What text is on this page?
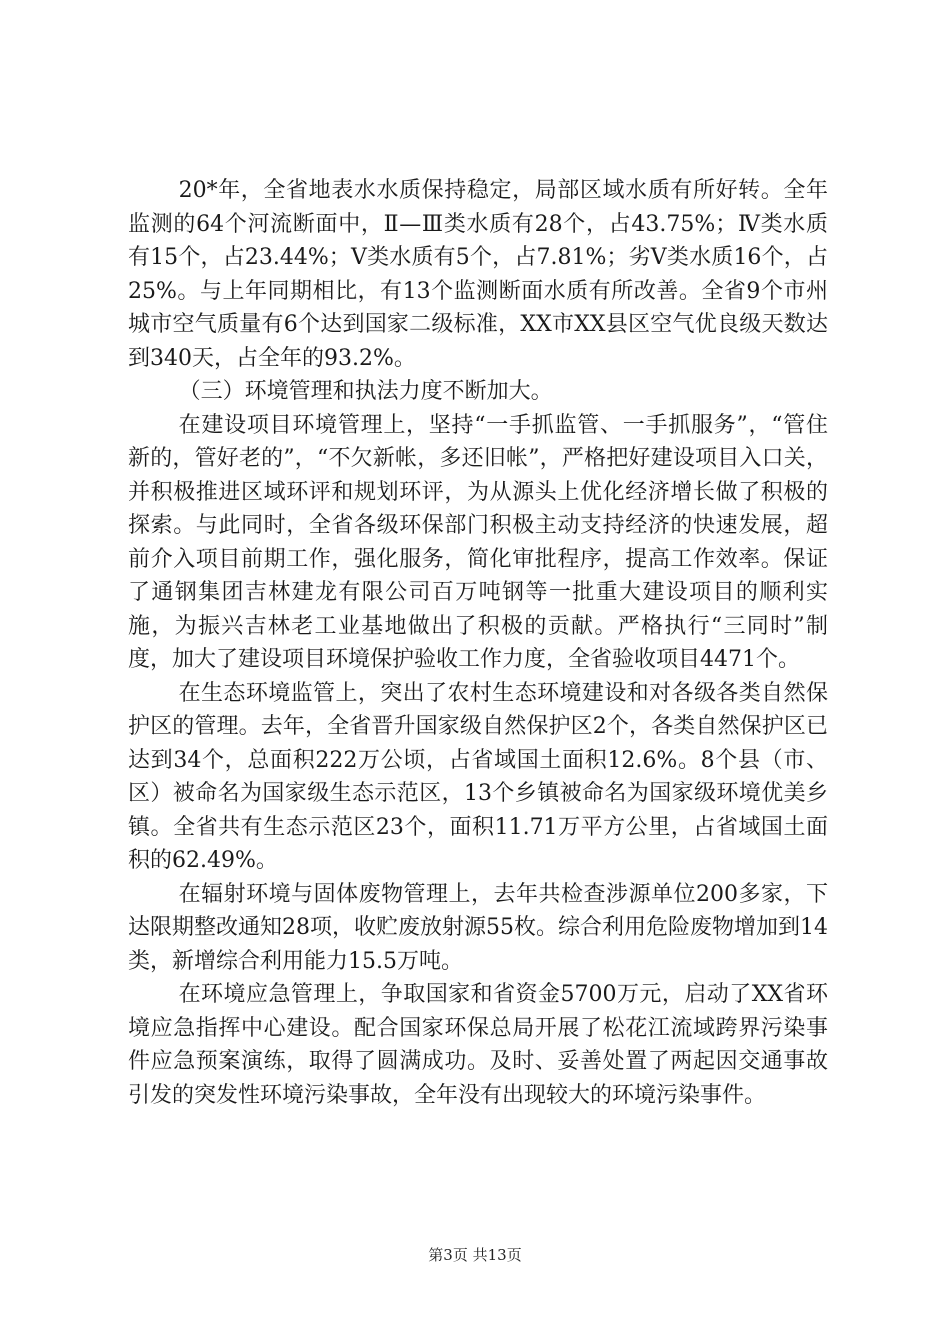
20*年，全省地表水水质保持稳定，局部区域水质有所好转。全年监测的64个河流断面中，Ⅱ—Ⅲ类水质有28个，占43.75%；Ⅳ类水质有15个，占23.44%；Ⅴ类水质有5个，占7.81%；劣Ⅴ类水质16个，占25%。与上年同期相比，有13个监测断面水质有所改善。全省9个市州城市空气质量有6个达到国家二级标准，XX市XX县区空气优良级天数达到340天，占全年的93.2%。

（三）环境管理和执法力度不断加大。

在建设项目环境管理上，坚持“一手抓监管、一手抓服务”，“管住新的，管好老的”，“不欠新帐，多还旧帐”，严格把好建设项目入口关，并积极推进区域环评和规划环评，为从源头上优化经济增长做了积极的探索。与此同时，全省各级环保部门积极主动支持经济的快速发展，超前介入项目前期工作，强化服务，简化审批程序，提高工作效率。保证了通钢集团吉林建龙有限公司百万吨钢等一批重大建设项目的顺利实施，为振兴吉林老工业基地做出了积极的贡献。严格执行“三同时”制度，加大了建设项目环境保护验收工作力度，全省验收项目4471个。

在生态环境监管上，突出了农村生态环境建设和对各级各类自然保护区的管理。去年，全省晋升国家级自然保护区2个，各类自然保护区已达到34个，总面积222万公顷，占省域国土面积12.6%。8个县（市、区）被命名为国家级生态示范区，13个乡镇被命名为国家级环境优美乡镇。全省共有生态示范区23个，面积11.71万平方公里，占省域国土面积的62.49%。

在辐射环境与固体废物管理上，去年共检查涉源单位200多家，下达限期整改通知28项，收贮废放射源55枚。综合利用危险废物增加到14类，新增综合利用能力15.5万吨。

在环境应急管理上，争取国家和省资金5700万元，启动了XX省环境应急指挥中心建设。配合国家环保总局开展了松花江流域跨界污染事件应急预案演练，取得了圆满成功。及时、妥善处置了两起因交通事故引发的突发性环境污染事故，全年没有出现较大的环境污染事件。

第3页 共13页
